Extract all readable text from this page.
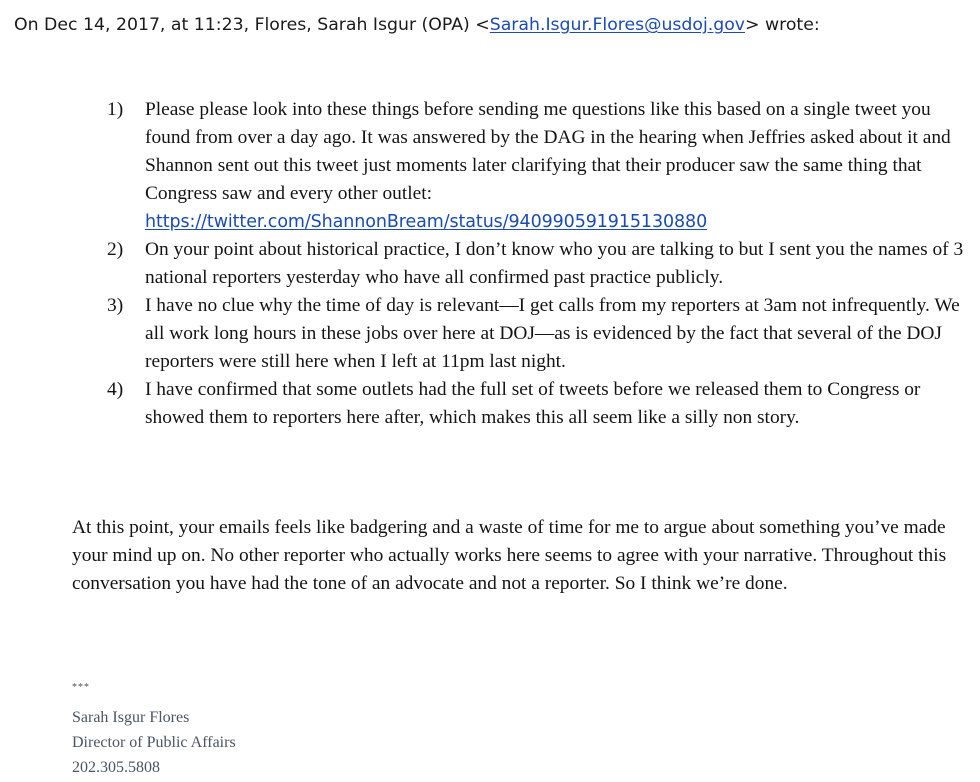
On Dec 14, 2017, at 11:23, Flores, Sarah Isgur (OPA) <Sarah.Isgur.Flores@usdoj.gov> wrote:
1) Please please look into these things before sending me questions like this based on a single tweet you found from over a day ago. It was answered by the DAG in the hearing when Jeffries asked about it and Shannon sent out this tweet just moments later clarifying that their producer saw the same thing that Congress saw and every other outlet:
https://twitter.com/ShannonBream/status/940990591915130880
2) On your point about historical practice, I don’t know who you are talking to but I sent you the names of 3 national reporters yesterday who have all confirmed past practice publicly.
3) I have no clue why the time of day is relevant—I get calls from my reporters at 3am not infrequently. We all work long hours in these jobs over here at DOJ—as is evidenced by the fact that several of the DOJ reporters were still here when I left at 11pm last night.
4) I have confirmed that some outlets had the full set of tweets before we released them to Congress or showed them to reporters here after, which makes this all seem like a silly non story.

At this point, your emails feels like badgering and a waste of time for me to argue about something you’ve made your mind up on. No other reporter who actually works here seems to agree with your narrative. Throughout this conversation you have had the tone of an advocate and not a reporter. So I think we’re done.

***
Sarah Isgur Flores
Director of Public Affairs
202.305.5808
